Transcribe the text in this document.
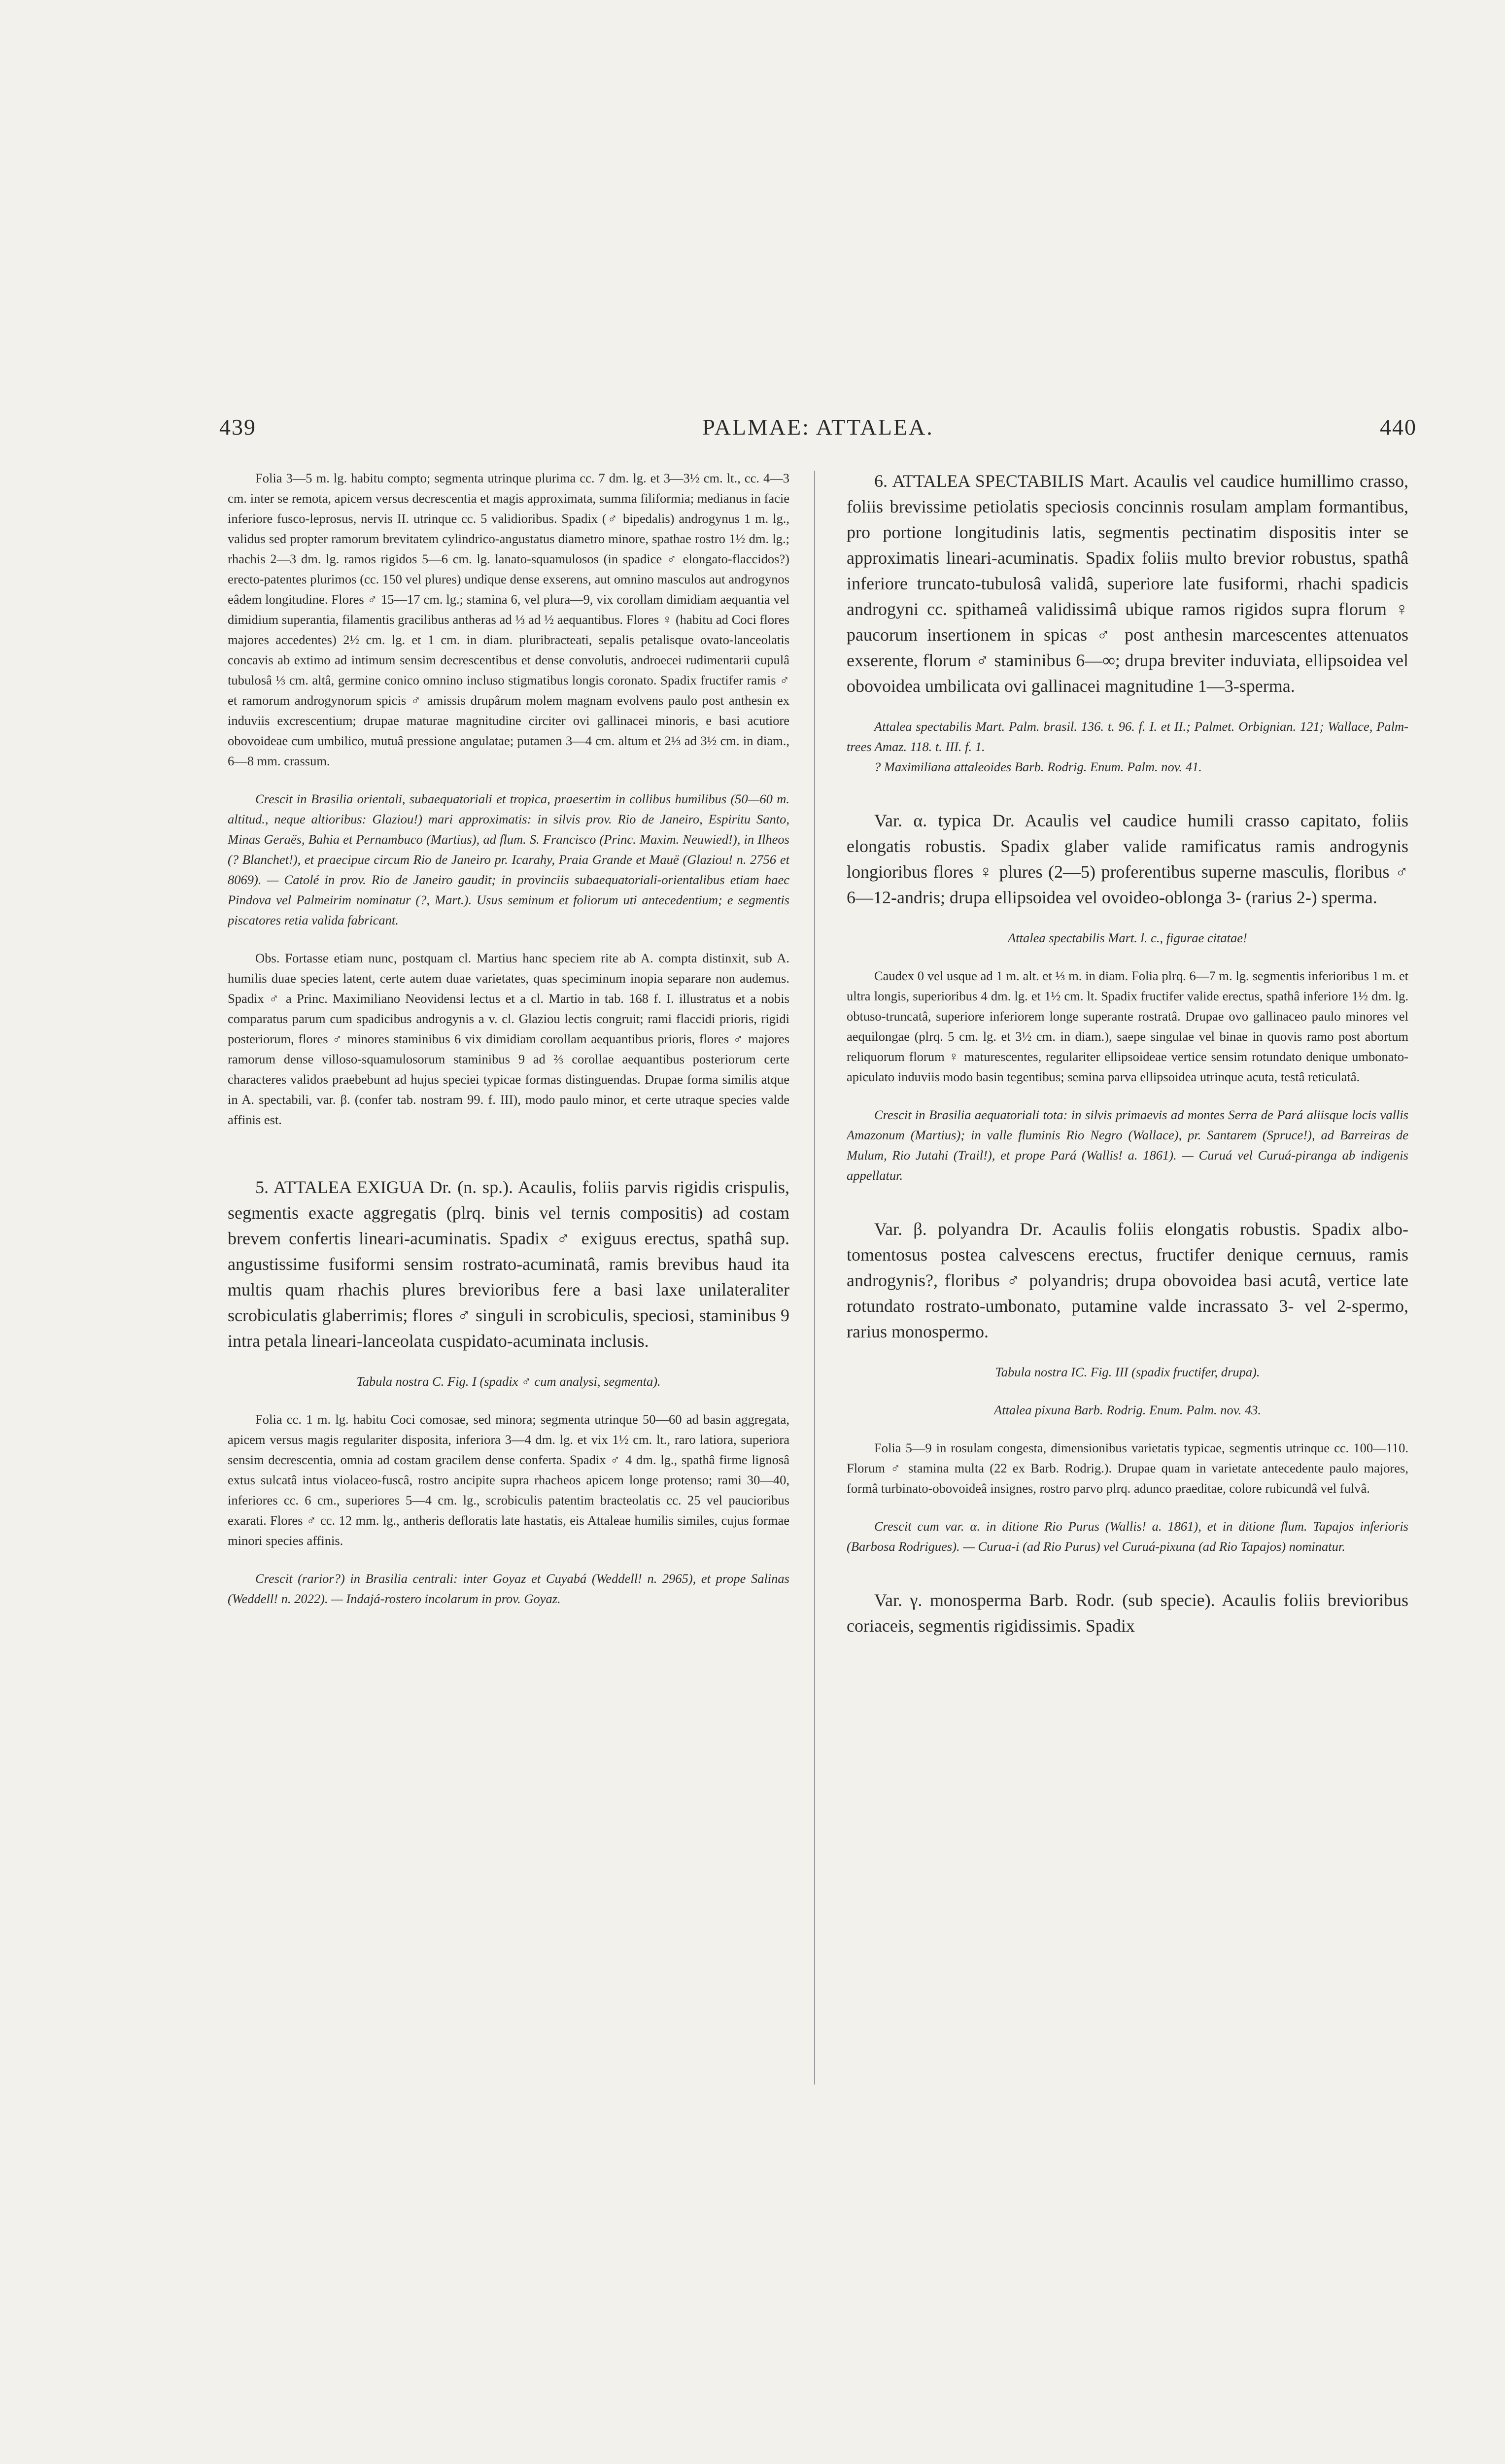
439	PALMAE: ATTALEA.	440

Folia 3—5 m. lg. habitu compto; segmenta utrinque plurima cc. 7 dm. lg. et 3—3½ cm. lt., cc. 4—3 cm. inter se remota, apicem versus decrescentia et magis approximata, summa filiformia; medianus in facie inferiore fusco-leprosus, nervis II. utrinque cc. 5 validioribus. Spadix (♂ bipedalis) androgynus 1 m. lg., validus sed propter ramorum brevitatem cylindrico-angustatus diametro minore, spathae rostro 1½ dm. lg.; rhachis 2—3 dm. lg. ramos rigidos 5—6 cm. lg. lanato-squamulosos (in spadice ♂ elongato-flaccidos?) erecto-patentes plurimos (cc. 150 vel plures) undique dense exserens, aut omnino masculos aut androgynos eâdem longitudine. Flores ♂ 15—17 cm. lg.; stamina 6, vel plura—9, vix corollam dimidiam aequantia vel dimidium superantia, filamentis gracilibus antheras ad ⅓ ad ½ aequantibus. Flores ♀ (habitu ad Coci flores majores accedentes) 2½ cm. lg. et 1 cm. in diam. pluribracteati, sepalis petalisque ovato-lanceolatis concavis ab extimo ad intimum sensim decrescentibus et dense convolutis, androecei rudimentarii cupulâ tubulosâ ⅓ cm. altâ, germine conico omnino incluso stigmatibus longis coronato. Spadix fructifer ramis ♂ et ramorum androgynorum spicis ♂ amissis drupârum molem magnam evolvens paulo post anthesin ex induviis excrescentium; drupae maturae magnitudine circiter ovi gallinacei minoris, e basi acutiore obovoideae cum umbilico, mutuâ pressione angulatae; putamen 3—4 cm. altum et 2⅓ ad 3½ cm. in diam., 6—8 mm. crassum.

Crescit in Brasilia orientali, subaequatoriali et tropica, praesertim in collibus humilibus (50—60 m. altitud., neque altioribus: Glaziou!) mari approximatis: in silvis prov. Rio de Janeiro, Espiritu Santo, Minas Geraës, Bahia et Pernambuco (Martius), ad flum. S. Francisco (Princ. Maxim. Neuwied!), in Ilheos (? Blanchet!), et praecipue circum Rio de Janeiro pr. Icarahy, Praia Grande et Mauë (Glaziou! n. 2756 et 8069). — Catolé in prov. Rio de Janeiro gaudit; in provinciis subaequatoriali-orientalibus etiam haec Pindova vel Palmeirim nominatur (?, Mart.). Usus seminum et foliorum uti antecedentium; e segmentis piscatores retia valida fabricant.

Obs. Fortasse etiam nunc, postquam cl. Martius hanc speciem rite ab A. compta distinxit, sub A. humilis duae species latent, certe autem duae varietates, quas speciminum inopia separare non audemus. Spadix ♂ a Princ. Maximiliano Neovidensi lectus et a cl. Martio in tab. 168 f. I. illustratus et a nobis comparatus parum cum spadicibus androgynis a v. cl. Glaziou lectis congruit; rami flaccidi prioris, rigidi posteriorum, flores ♂ minores staminibus 6 vix dimidiam corollam aequantibus prioris, flores ♂ majores ramorum dense villoso-squamulosorum staminibus 9 ad ⅔ corollae aequantibus posteriorum certe characteres validos praebebunt ad hujus speciei typicae formas distinguendas. Drupae forma similis atque in A. spectabili, var. β. (confer tab. nostram 99. f. III), modo paulo minor, et certe utraque species valde affinis est.

5. ATTALEA EXIGUA Dr. (n. sp.). Acaulis, foliis parvis rigidis crispulis, segmentis exacte aggregatis (plrq. binis vel ternis compositis) ad costam brevem confertis lineari-acuminatis. Spadix ♂ exiguus erectus, spathâ sup. angustissime fusiformi sensim rostrato-acuminatâ, ramis brevibus haud ita multis quam rhachis plures brevioribus fere a basi laxe unilateraliter scrobiculatis glaberrimis; flores ♂ singuli in scrobiculis, speciosi, staminibus 9 intra petala lineari-lanceolata cuspidato-acuminata inclusis.

Tabula nostra C. Fig. I (spadix ♂ cum analysi, segmenta).

Folia cc. 1 m. lg. habitu Coci comosae, sed minora; segmenta utrinque 50—60 ad basin aggregata, apicem versus magis regulariter disposita, inferiora 3—4 dm. lg. et vix 1½ cm. lt., raro latiora, superiora sensim decrescentia, omnia ad costam gracilem dense conferta. Spadix ♂ 4 dm. lg., spathâ firme lignosâ extus sulcatâ intus violaceo-fuscâ, rostro ancipite supra rhacheos apicem longe protenso; rami 30—40, inferiores cc. 6 cm., superiores 5—4 cm. lg., scrobiculis patentim bracteolatis cc. 25 vel paucioribus exarati. Flores ♂ cc. 12 mm. lg., antheris defloratis late hastatis, eis Attaleae humilis similes, cujus formae minori species affinis.

Crescit (rarior?) in Brasilia centrali: inter Goyaz et Cuyabá (Weddell! n. 2965), et prope Salinas (Weddell! n. 2022). — Indajá-rostero incolarum in prov. Goyaz.

6. ATTALEA SPECTABILIS Mart. Acaulis vel caudice humillimo crasso, foliis brevissime petiolatis speciosis concinnis rosulam amplam formantibus, pro portione longitudinis latis, segmentis pectinatim dispositis inter se approximatis lineari-acuminatis. Spadix foliis multo brevior robustus, spathâ inferiore truncato-tubulosâ validâ, superiore late fusiformi, rhachi spadicis androgyni cc. spithameâ validissimâ ubique ramos rigidos supra florum ♀ paucorum insertionem in spicas ♂ post anthesin marcescentes attenuatos exserente, florum ♂ staminibus 6—∞; drupa breviter induviata, ellipsoidea vel obovoidea umbilicata ovi gallinacei magnitudine 1—3-sperma.

Attalea spectabilis Mart. Palm. brasil. 136. t. 96. f. I. et II.; Palmet. Orbignian. 121; Wallace, Palm-trees Amaz. 118. t. III. f. 1.

? Maximiliana attaleoides Barb. Rodrig. Enum. Palm. nov. 41.

Var. α. typica Dr. Acaulis vel caudice humili crasso capitato, foliis elongatis robustis. Spadix glaber valide ramificatus ramis androgynis longioribus flores ♀ plures (2—5) proferentibus superne masculis, floribus ♂ 6—12-andris; drupa ellipsoidea vel ovoideo-oblonga 3- (rarius 2-) sperma.

Attalea spectabilis Mart. l. c., figurae citatae!

Caudex 0 vel usque ad 1 m. alt. et ⅓ m. in diam. Folia plrq. 6—7 m. lg. segmentis inferioribus 1 m. et ultra longis, superioribus 4 dm. lg. et 1½ cm. lt. Spadix fructifer valide erectus, spathâ inferiore 1½ dm. lg. obtuso-truncatâ, superiore inferiorem longe superante rostratâ. Drupae ovo gallinaceo paulo minores vel aequilongae (plrq. 5 cm. lg. et 3½ cm. in diam.), saepe singulae vel binae in quovis ramo post abortum reliquorum florum ♀ maturescentes, regulariter ellipsoideae vertice sensim rotundato denique umbonato-apiculato induviis modo basin tegentibus; semina parva ellipsoidea utrinque acuta, testâ reticulatâ.

Crescit in Brasilia aequatoriali tota: in silvis primaevis ad montes Serra de Pará aliisque locis vallis Amazonum (Martius); in valle fluminis Rio Negro (Wallace), pr. Santarem (Spruce!), ad Barreiras de Mulum, Rio Jutahi (Trail!), et prope Pará (Wallis! a. 1861). — Curuá vel Curuá-piranga ab indigenis appellatur.

Var. β. polyandra Dr. Acaulis foliis elongatis robustis. Spadix albo-tomentosus postea calvescens erectus, fructifer denique cernuus, ramis androgynis?, floribus ♂ polyandris; drupa obovoidea basi acutâ, vertice late rotundato rostrato-umbonato, putamine valde incrassato 3- vel 2-spermo, rarius monospermo.

Tabula nostra IC. Fig. III (spadix fructifer, drupa).

Attalea pixuna Barb. Rodrig. Enum. Palm. nov. 43.

Folia 5—9 in rosulam congesta, dimensionibus varietatis typicae, segmentis utrinque cc. 100—110. Florum ♂ stamina multa (22 ex Barb. Rodrig.). Drupae quam in varietate antecedente paulo majores, formâ turbinato-obovoideâ insignes, rostro parvo plrq. adunco praeditae, colore rubicundâ vel fulvâ.

Crescit cum var. α. in ditione Rio Purus (Wallis! a. 1861), et in ditione flum. Tapajos inferioris (Barbosa Rodrigues). — Curua-i (ad Rio Purus) vel Curuá-pixuna (ad Rio Tapajos) nominatur.

Var. γ. monosperma Barb. Rodr. (sub specie). Acaulis foliis brevioribus coriaceis, segmentis rigidissimis. Spadix
